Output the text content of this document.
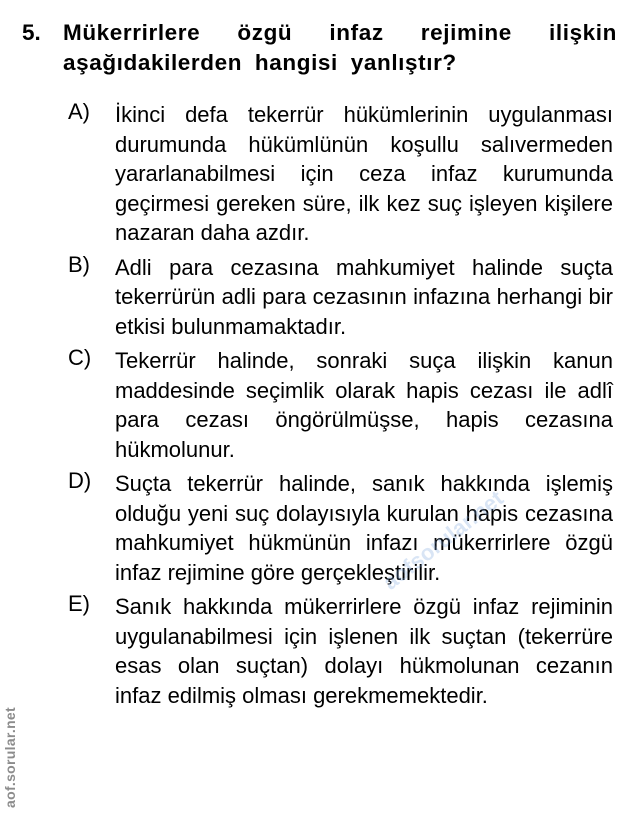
5. Mükerrirlere özgü infaz rejimine ilişkin
aşağıdakilerden hangisi yanlıştır?
A) İkinci defa tekerrür hükümlerinin uygulanması durumunda hükümlünün koşullu salıvermeden yararlanabilmesi için ceza infaz kurumunda geçirmesi gereken süre, ilk kez suç işleyen kişilere nazaran daha azdır.
B) Adli para cezasına mahkumiyet halinde suçta tekerrürün adli para cezasının infazına herhangi bir etkisi bulunmamaktadır.
C) Tekerrür halinde, sonraki suça ilişkin kanun maddesinde seçimlik olarak hapis cezası ile adlî para cezası öngörülmüşse, hapis cezasına hükmolunur.
D) Suçta tekerrür halinde, sanık hakkında işlemiş olduğu yeni suç dolayısıyla kurulan hapis cezasına mahkumiyet hükmünün infazı mükerrirlere özgü infaz rejimine göre gerçekleştirilir.
E) Sanık hakkında mükerrirlere özgü infaz rejiminin uygulanabilmesi için işlenen ilk suçtan (tekerrüre esas olan suçtan) dolayı hükmolunan cezanın infaz edilmiş olması gerekmemektedir.
aofsorular.net
aof.sorular.net
